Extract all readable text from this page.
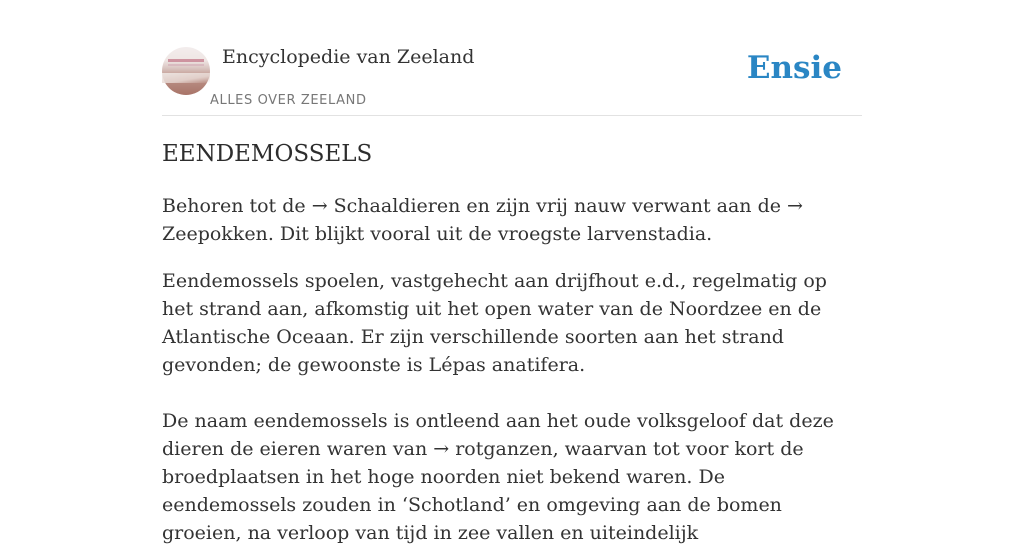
Encyclopedie van Zeeland
ALLES OVER ZEELAND
Ensie
EENDEMOSSELS

Behoren tot de → Schaaldieren en zijn vrij nauw verwant aan de → Zeepokken. Dit blijkt vooral uit de vroegste larvenstadia.

Eendemossels spoelen, vastgehecht aan drijfhout e.d., regelmatig op het strand aan, afkomstig uit het open water van de Noordzee en de Atlantische Oceaan. Er zijn verschillende soorten aan het strand gevonden; de gewoonste is Lépas anatifera.

De naam eendemossels is ontleend aan het oude volksgeloof dat deze dieren de eieren waren van → rotganzen, waarvan tot voor kort de broedplaatsen in het hoge noorden niet bekend waren. De eendemossels zouden in ‘Schotland’ en omgeving aan de bomen groeien, na verloop van tijd in zee vallen en uiteindelijk
